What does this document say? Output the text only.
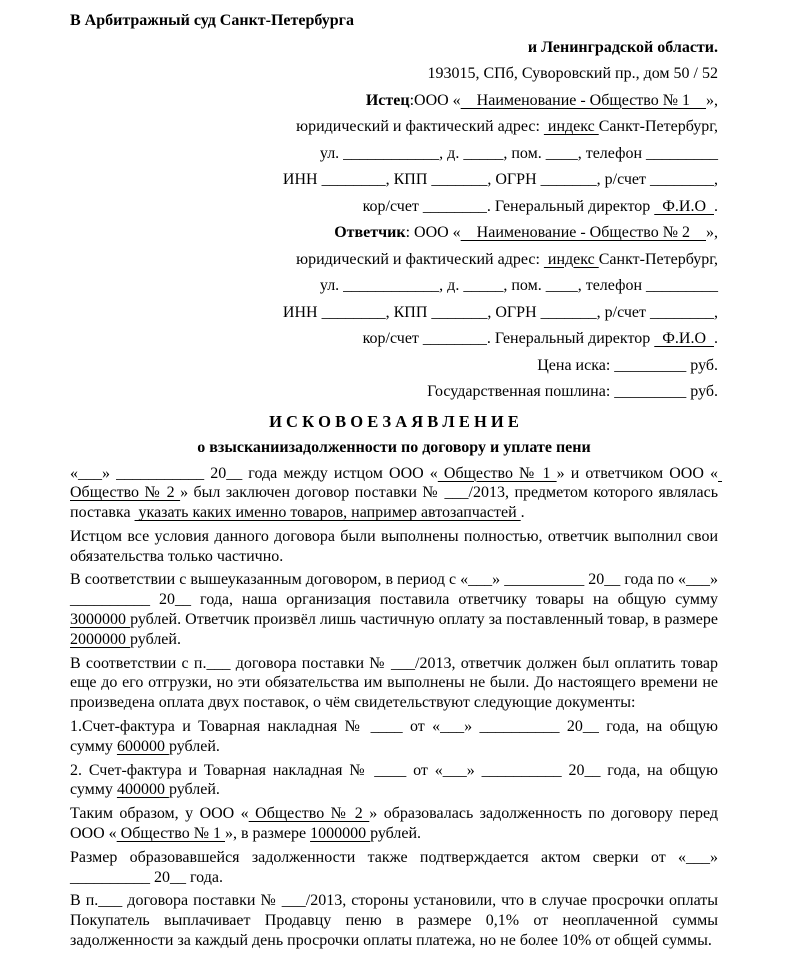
В Арбитражный суд Санкт-Петербурга
и Ленинградской области.
193015, СПб, Суворовский пр., дом 50 / 52
Истец:ООО «    Наименование - Общество № 1    »,
юридический и фактический адрес:  индекс Санкт-Петербург,
ул. ____________, д. _____, пом. ____, телефон _________
ИНН ________, КПП _______, ОГРН _______, р/счет ________,
кор/счет ________. Генеральный директор   Ф.И.О  .
Ответчик: ООО «    Наименование - Общество № 2    »,
юридический и фактический адрес:  индекс Санкт-Петербург,
ул. ____________, д. _____, пом. ____, телефон _________
ИНН ________, КПП _______, ОГРН _______, р/счет ________,
кор/счет ________. Генеральный директор   Ф.И.О  .
Цена иска: _________ руб.
Государственная пошлина: _________ руб.
И С К О В О Е З А Я В Л Е Н И Е
о взысканиизадолженности по договору и уплате пени

«___» ___________ 20__ года между истцом ООО « Общество № 1 » и ответчиком ООО « Общество № 2 » был заключен договор поставки № ___/2013, предметом которого являлась поставка  указать каких именно товаров, например автозапчастей .

Истцом все условия данного договора были выполнены полностью, ответчик выполнил свои обязательства только частично.

В соответствии с вышеуказанным договором, в период с «___» __________ 20__ года по «___» __________ 20__ года, наша организация поставила ответчику товары на общую сумму 3000000 рублей. Ответчик произвёл лишь частичную оплату за поставленный товар, в размере 2000000 рублей.

В соответствии с п.___ договора поставки № ___/2013, ответчик должен был оплатить товар еще до его отгрузки, но эти обязательства им выполнены не были. До настоящего времени не произведена оплата двух поставок, о чём свидетельствуют следующие документы:

1.Счет-фактура и Товарная накладная № ____ от «___» __________ 20__ года, на общую сумму 600000 рублей.

2. Счет-фактура и Товарная накладная № ____ от «___» __________ 20__ года, на общую сумму 400000 рублей.

Таким образом, у ООО « Общество № 2 » образовалась задолженность по договору перед ООО « Общество № 1 », в размере 1000000 рублей.

Размер образовавшейся задолженности также подтверждается актом сверки от «___» __________ 20__ года.

В п.___ договора поставки № ___/2013, стороны установили, что в случае просрочки оплаты Покупатель выплачивает Продавцу пеню в размере 0,1% от неоплаченной суммы задолженности за каждый день просрочки оплаты платежа, но не более 10% от общей суммы.
